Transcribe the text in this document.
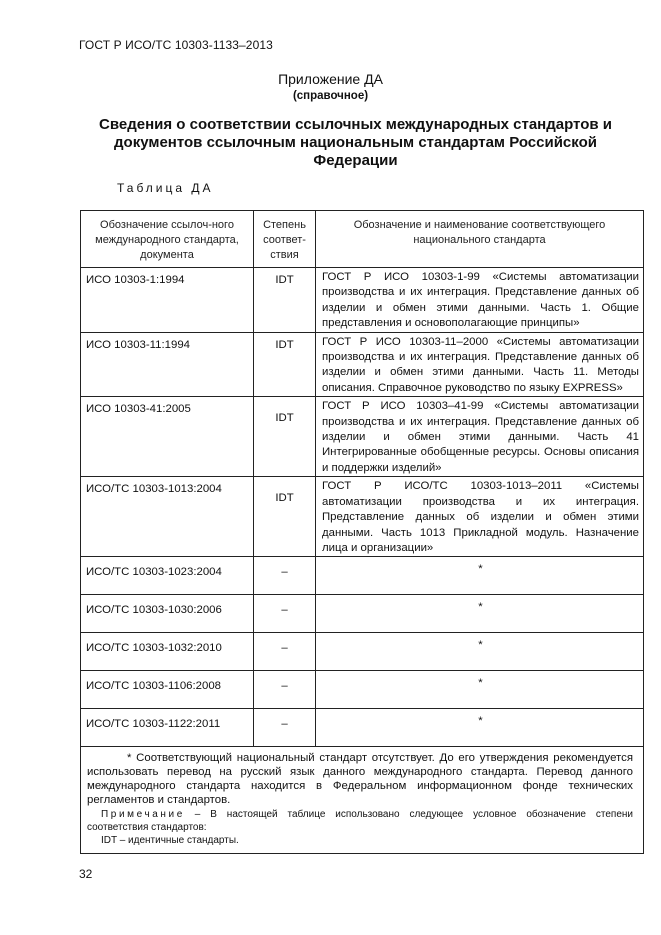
ГОСТ Р ИСО/ТС 10303-1133–2013
Приложение ДА
(справочное)
Сведения о соответствии ссылочных международных стандартов и документов ссылочным национальным стандартам Российской Федерации
Таблица ДА
Обозначение ссылоч-ного международного стандарта, документа	Степень соответ-ствия	Обозначение и наименование соответствующего национального стандарта
ИСО 10303-1:1994	IDT	ГОСТ Р ИСО 10303-1-99 «Системы автоматизации производства и их интеграция. Представление данных об изделии и обмен этими данными. Часть 1. Общие представления и основополагающие принципы»
ИСО 10303-11:1994	IDT	ГОСТ Р ИСО 10303-11–2000 «Системы автоматизации производства и их интеграция. Представление данных об изделии и обмен этими данными. Часть 11. Методы описания. Справочное руководство по языку EXPRESS»
ИСО 10303-41:2005	IDT	ГОСТ Р ИСО 10303–41-99 «Системы автоматизации производства и их интеграция. Представление данных об изделии и обмен этими данными. Часть 41 Интегрированные обобщенные ресурсы. Основы описания и поддержки изделий»
ИСО/ТС 10303-1013:2004	IDT	ГОСТ Р ИСО/ТС 10303-1013–2011 «Системы автоматизации производства и их интеграция. Представление данных об изделии и обмен этими данными. Часть 1013 Прикладной модуль. Назначение лица и организации»
ИСО/ТС 10303-1023:2004	–	*
ИСО/ТС 10303-1030:2006	–	*
ИСО/ТС 10303-1032:2010	–	*
ИСО/ТС 10303-1106:2008	–	*
ИСО/ТС 10303-1122:2011	–	*

* Соответствующий национальный стандарт отсутствует. До его утверждения рекомендуется использовать перевод на русский язык данного международного стандарта. Перевод данного международного стандарта находится в Федеральном информационном фонде технических регламентов и стандартов.
Примечание – В настоящей таблице использовано следующее условное обозначение степени соответствия стандартов:
IDT – идентичные стандарты.		
32
